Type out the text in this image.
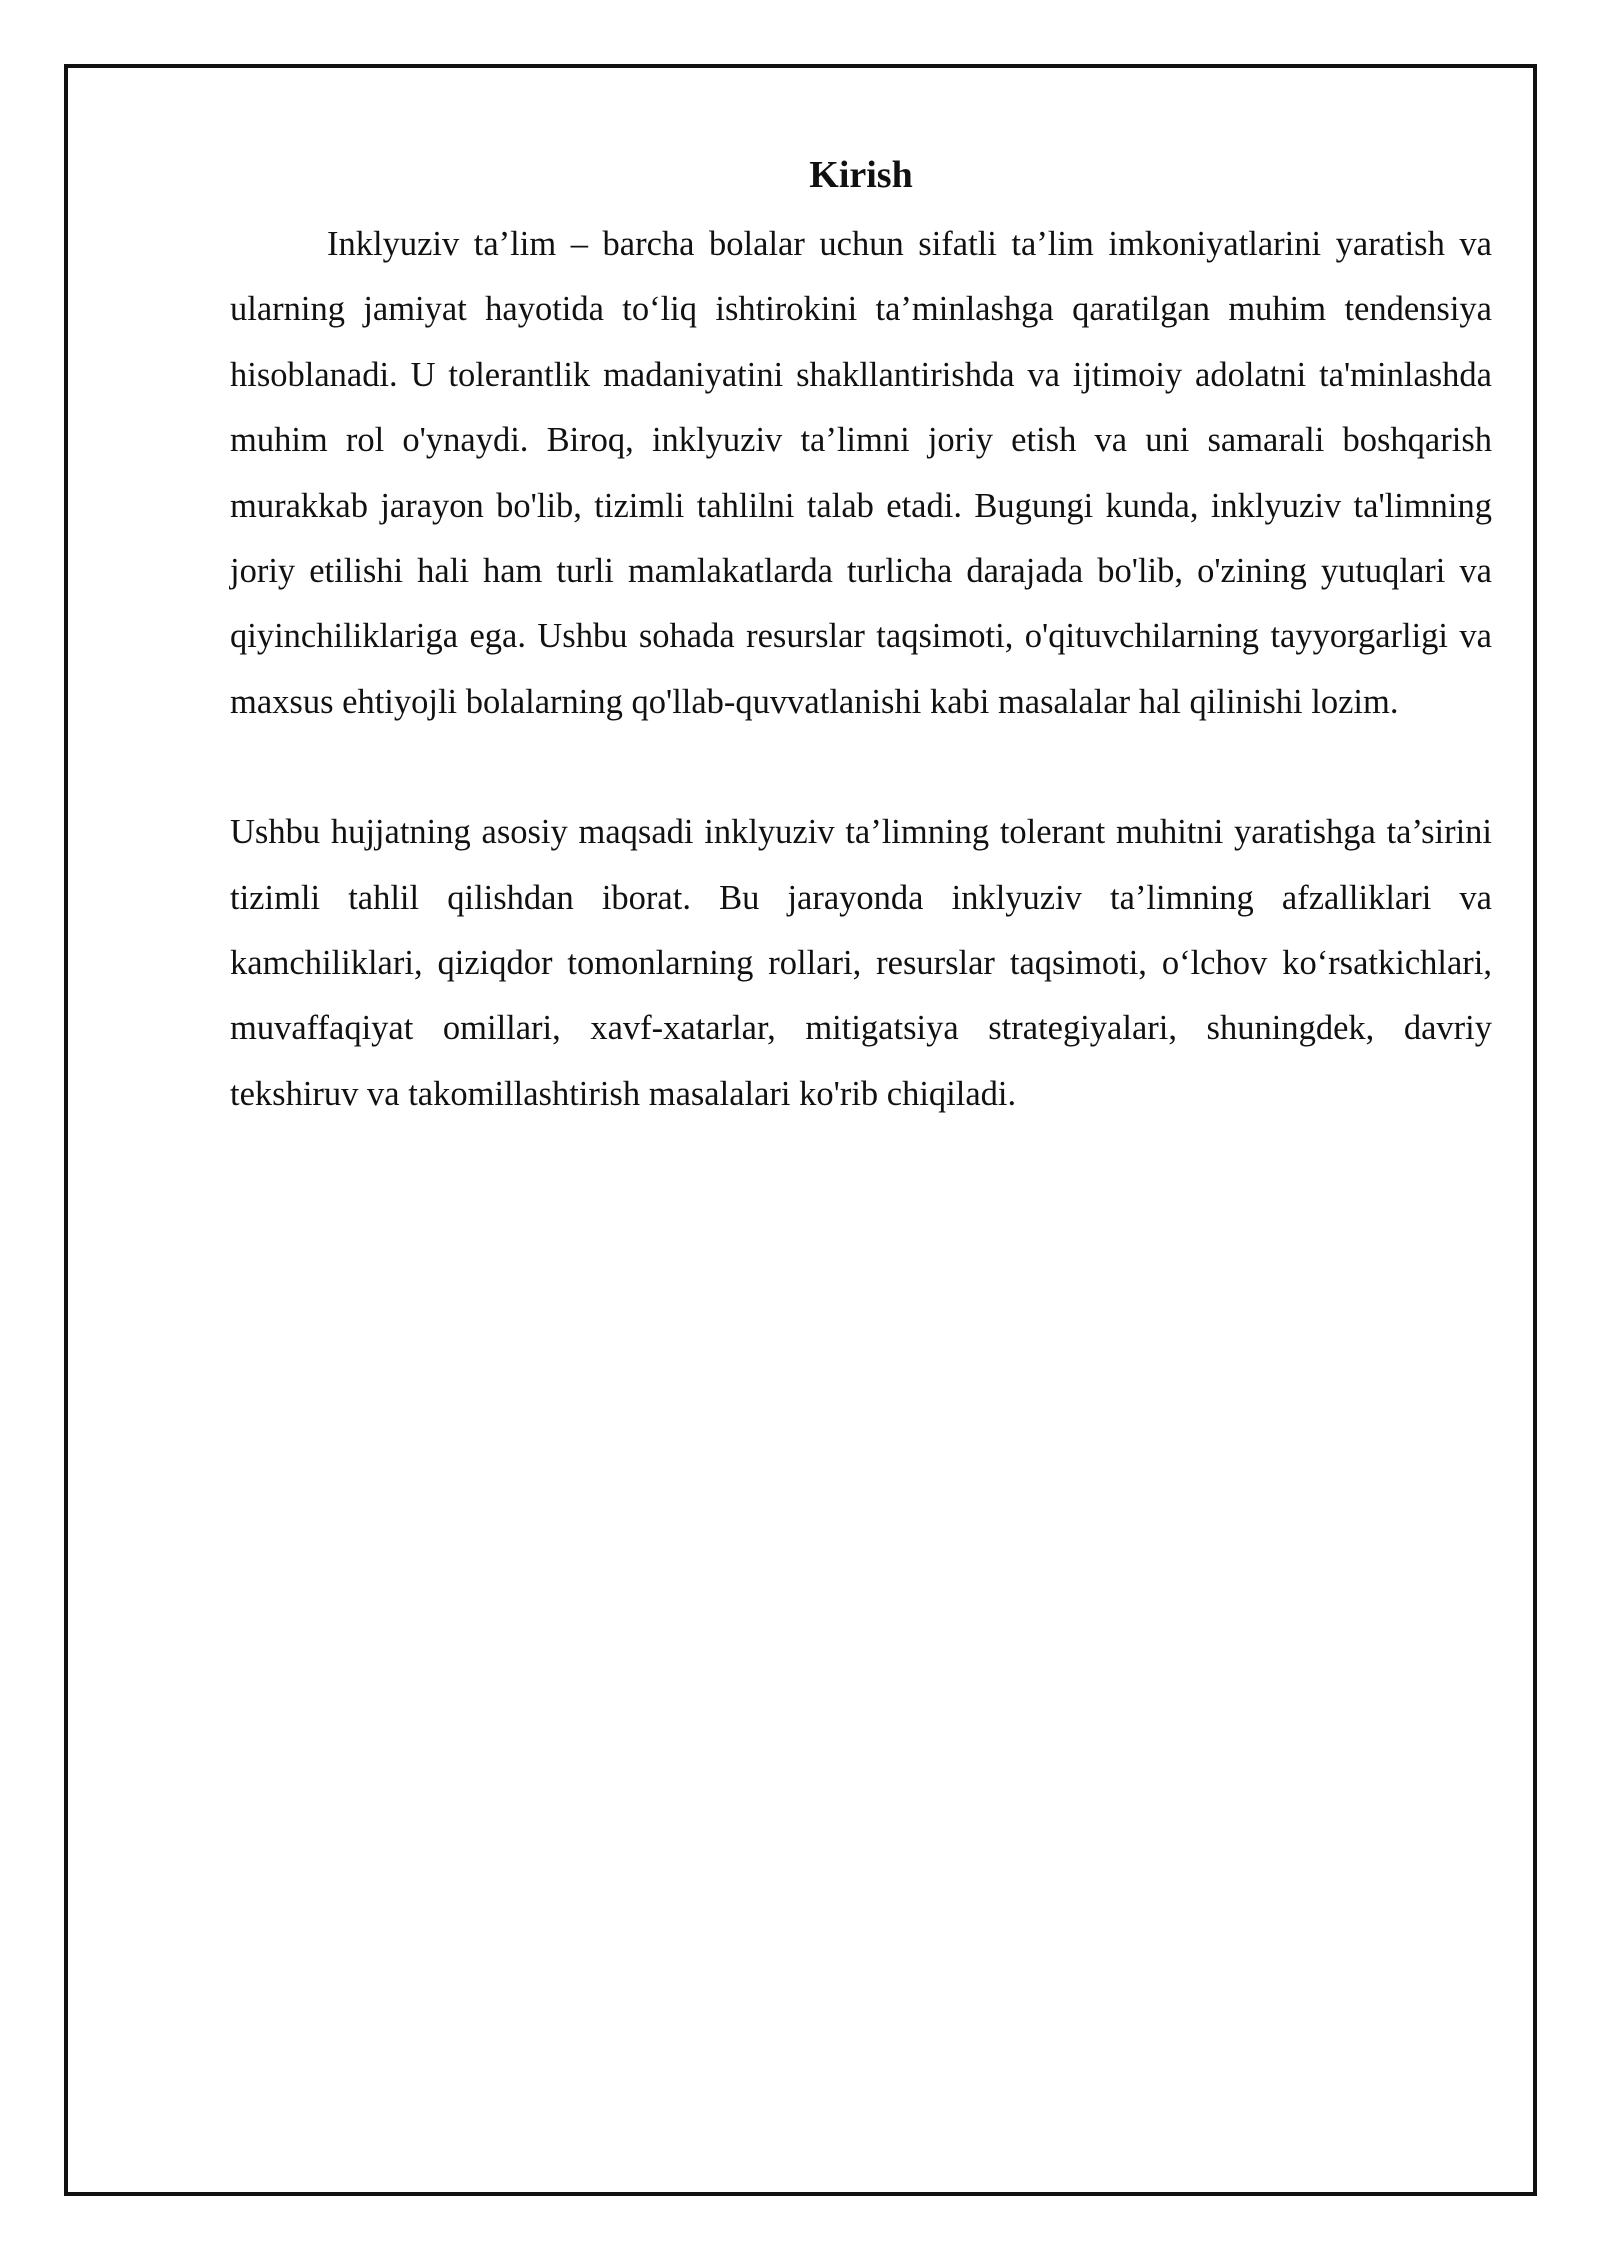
Kirish

Inklyuziv ta’lim – barcha bolalar uchun sifatli ta’lim imkoniyatlarini yaratish va ularning jamiyat hayotida to‘liq ishtirokini ta’minlashga qaratilgan muhim tendensiya hisoblanadi. U tolerantlik madaniyatini shakllantirishda va ijtimoiy adolatni ta'minlashda muhim rol o'ynaydi. Biroq, inklyuziv ta’limni joriy etish va uni samarali boshqarish murakkab jarayon bo'lib, tizimli tahlilni talab etadi. Bugungi kunda, inklyuziv ta'limning joriy etilishi hali ham turli mamlakatlarda turlicha darajada bo'lib, o'zining yutuqlari va qiyinchiliklariga ega. Ushbu sohada resurslar taqsimoti, o'qituvchilarning tayyorgarligi va maxsus ehtiyojli bolalarning qo'llab-quvvatlanishi kabi masalalar hal qilinishi lozim.

Ushbu hujjatning asosiy maqsadi inklyuziv ta’limning tolerant muhitni yaratishga ta’sirini tizimli tahlil qilishdan iborat. Bu jarayonda inklyuziv ta’limning afzalliklari va kamchiliklari, qiziqdor tomonlarning rollari, resurslar taqsimoti, o‘lchov ko‘rsatkichlari, muvaffaqiyat omillari, xavf-xatarlar, mitigatsiya strategiyalari, shuningdek, davriy tekshiruv va takomillashtirish masalalari ko'rib chiqiladi.
